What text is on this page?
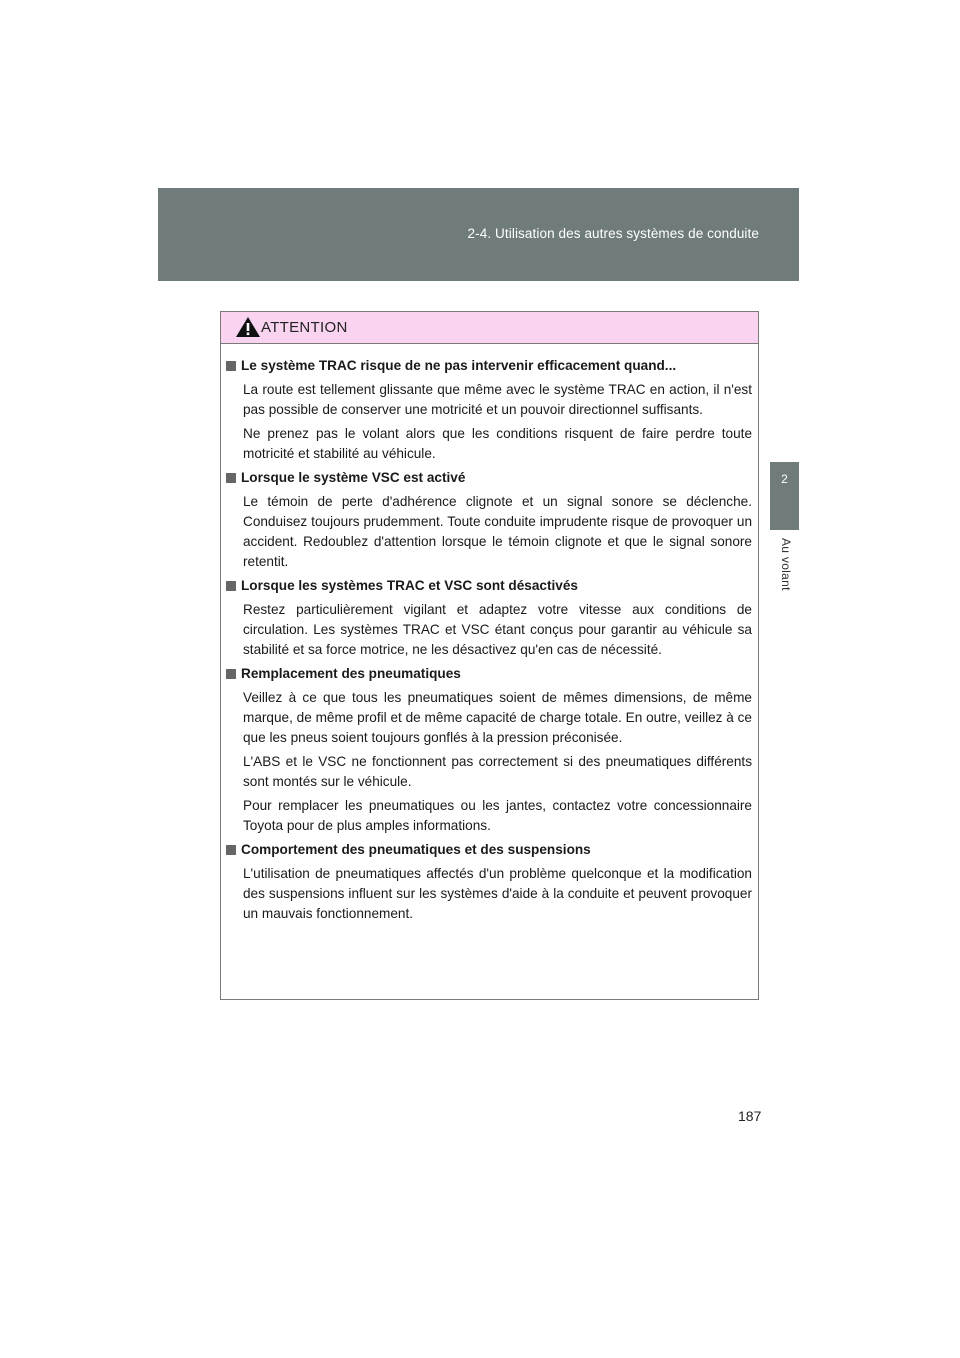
2-4. Utilisation des autres systèmes de conduite
2
Au volant
ATTENTION
Le système TRAC risque de ne pas intervenir efficacement quand...

La route est tellement glissante que même avec le système TRAC en action, il n'est pas possible de conserver une motricité et un pouvoir directionnel suffisants.

Ne prenez pas le volant alors que les conditions risquent de faire perdre toute motricité et stabilité au véhicule.

Lorsque le système VSC est activé

Le témoin de perte d'adhérence clignote et un signal sonore se déclenche. Conduisez toujours prudemment. Toute conduite imprudente risque de provoquer un accident. Redoublez d'attention lorsque le témoin clignote et que le signal sonore retentit.

Lorsque les systèmes TRAC et VSC sont désactivés

Restez particulièrement vigilant et adaptez votre vitesse aux conditions de circulation. Les systèmes TRAC et VSC étant conçus pour garantir au véhicule sa stabilité et sa force motrice, ne les désactivez qu'en cas de nécessité.

Remplacement des pneumatiques

Veillez à ce que tous les pneumatiques soient de mêmes dimensions, de même marque, de même profil et de même capacité de charge totale. En outre, veillez à ce que les pneus soient toujours gonflés à la pression préconisée.

L'ABS et le VSC ne fonctionnent pas correctement si des pneumatiques différents sont montés sur le véhicule.

Pour remplacer les pneumatiques ou les jantes, contactez votre concessionnaire Toyota pour de plus amples informations.

Comportement des pneumatiques et des suspensions

L'utilisation de pneumatiques affectés d'un problème quelconque et la modification des suspensions influent sur les systèmes d'aide à la conduite et peuvent provoquer un mauvais fonctionnement.

187
